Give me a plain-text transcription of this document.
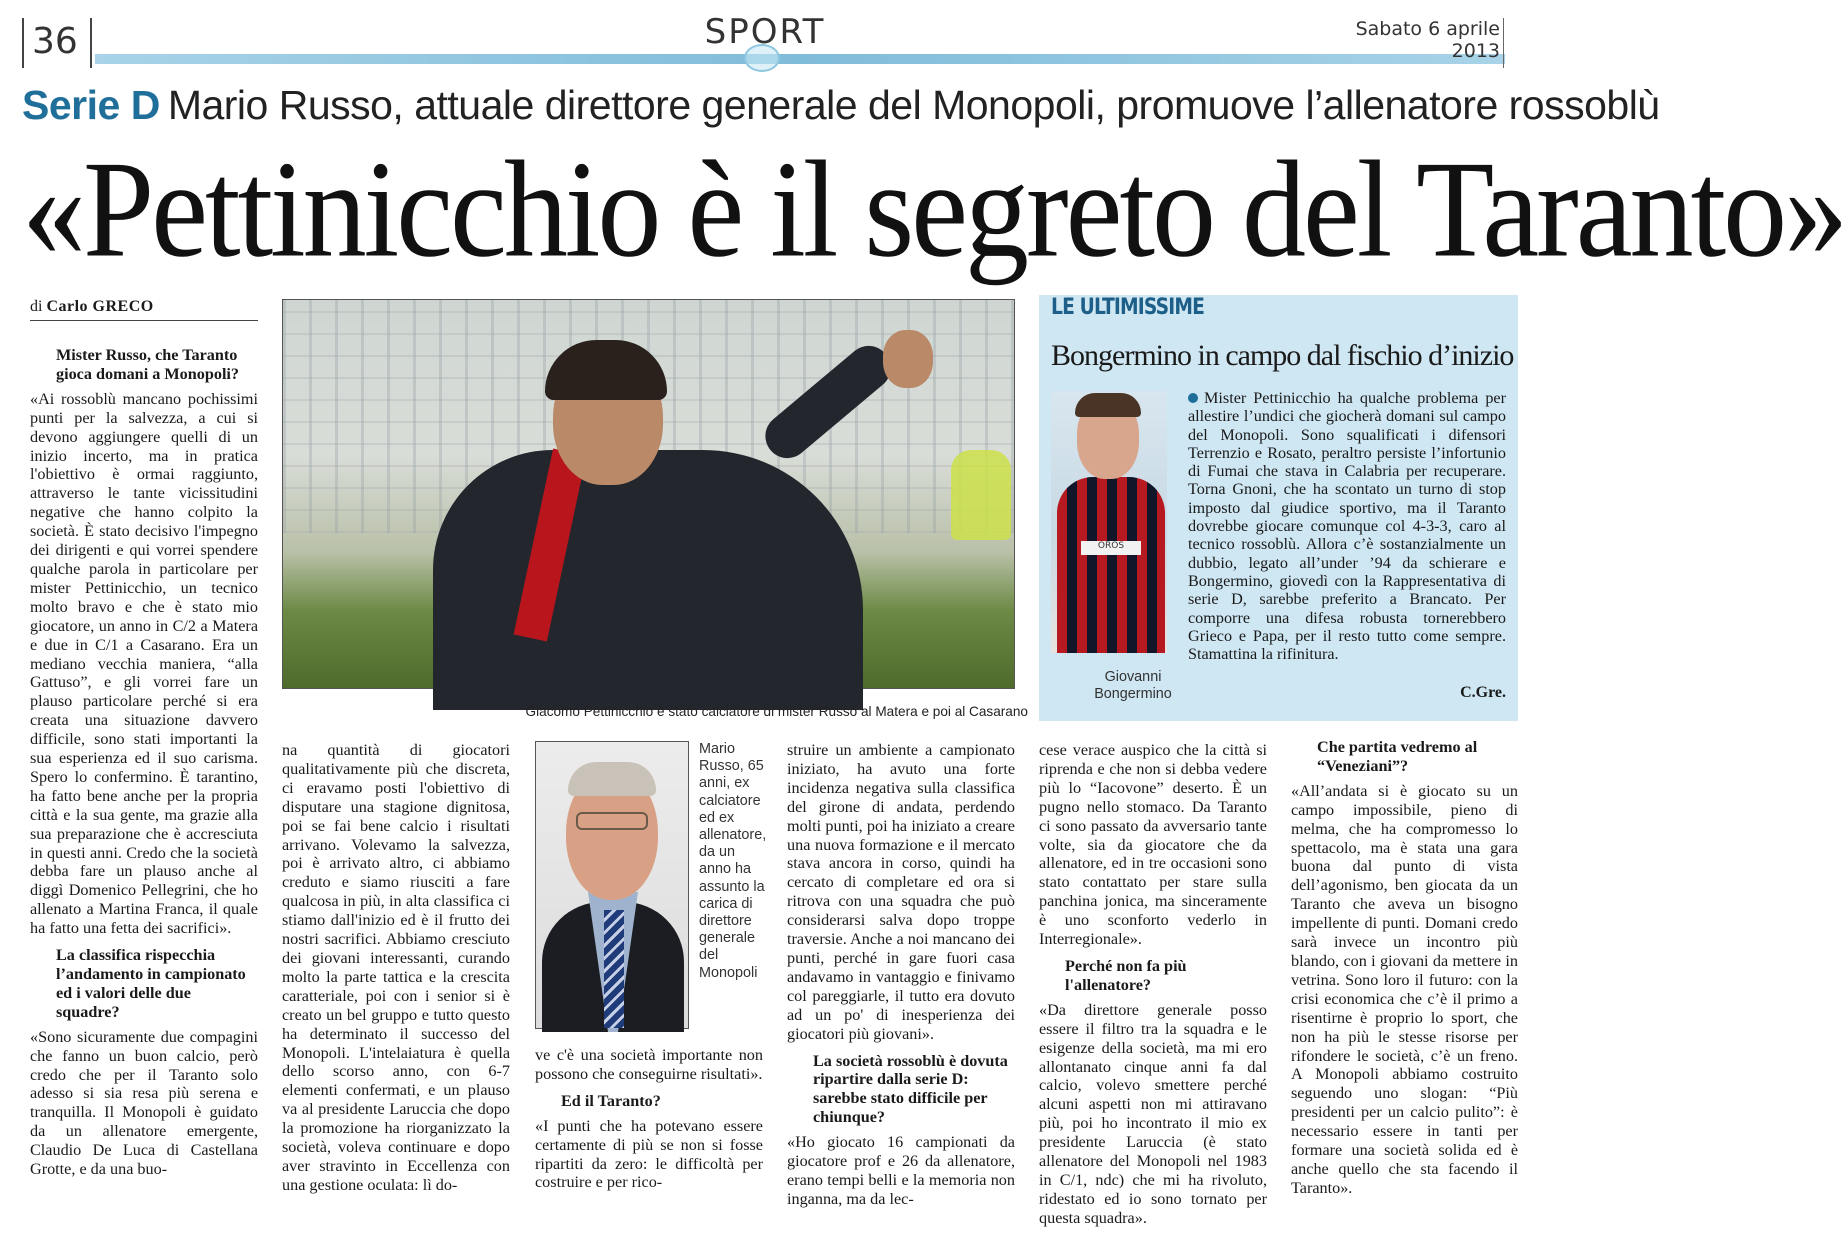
36	SPORT	Sabato 6 aprile
2013
Serie D Mario Russo, attuale direttore generale del Monopoli, promuove l’allenatore rossoblù
«Pettinicchio è il segreto del Taranto»
di Carlo GRECO

Mister Russo, che Taranto gioca domani a Monopoli?

«Ai rossoblù mancano pochissimi punti per la salvezza, a cui si devono aggiungere quelli di un inizio incerto, ma in pratica l'obiettivo è ormai raggiunto, attraverso le tante vicissitudini negative che hanno colpito la società. È stato decisivo l'impegno dei dirigenti e qui vorrei spendere qualche parola in particolare per mister Pettinicchio, un tecnico molto bravo e che è stato mio giocatore, un anno in C/2 a Matera e due in C/1 a Casarano. Era un mediano vecchia maniera, “alla Gattuso”, e gli vorrei fare un plauso particolare perché si era creata una situazione davvero difficile, sono stati importanti la sua esperienza ed il suo carisma. Spero lo confermino. È tarantino, ha fatto bene anche per la propria città e la sua gente, ma grazie alla sua preparazione che è accresciuta in questi anni. Credo che la società debba fare un plauso anche al diggì Domenico Pellegrini, che ho allenato a Martina Franca, il quale ha fatto una fetta dei sacrifici».

La classifica rispecchia l’andamento in campionato ed i valori delle due squadre?

«Sono sicuramente due compagini che fanno un buon calcio, però credo che per il Taranto solo adesso si sia resa più serena e tranquilla. Il Monopoli è guidato da un allenatore emergente, Claudio De Luca di Castellana Grotte, e da una buo-

Giacomo Pettinicchio è stato calciatore di mister Russo al Matera e poi al Casarano

na quantità di giocatori qualitativamente più che discreta, ci eravamo posti l'obiettivo di disputare una stagione dignitosa, poi se fai bene calcio i risultati arrivano. Volevamo la salvezza, poi è arrivato altro, ci abbiamo creduto e siamo riusciti a fare qualcosa in più, in alta classifica ci stiamo dall'inizio ed è il frutto dei nostri sacrifici. Abbiamo cresciuto dei giovani interessanti, curando molto la parte tattica e la crescita caratteriale, poi con i senior si è creato un bel gruppo e tutto questo ha determinato il successo del Monopoli. L'intelaiatura è quella dello scorso anno, con 6-7 elementi confermati, e un plauso va al presidente Laruccia che dopo la promozione ha riorganizzato la società, voleva continuare e dopo aver stravinto in Eccellenza con una gestione oculata: lì do-

Mario Russo, 65 anni, ex calciatore ed ex allenatore, da un anno ha assunto la carica di direttore generale del Monopoli

ve c'è una società importante non possono che conseguirne risultati».

Ed il Taranto?

«I punti che ha potevano essere certamente di più se non si fosse ripartiti da zero: le difficoltà per costruire e per rico-

struire un ambiente a campionato iniziato, ha avuto una forte incidenza negativa sulla classifica del girone di andata, perdendo molti punti, poi ha iniziato a creare una nuova formazione e il mercato stava ancora in corso, quindi ha cercato di completare ed ora si ritrova con una squadra che può considerarsi salva dopo troppe traversie. Anche a noi mancano dei punti, perché in gare fuori casa andavamo in vantaggio e finivamo col pareggiarle, il tutto era dovuto ad un po' di inesperienza dei giocatori più giovani».

La società rossoblù è dovuta ripartire dalla serie D: sarebbe stato difficile per chiunque?

«Ho giocato 16 campionati da giocatore prof e 26 da allenatore, erano tempi belli e la memoria non inganna, ma da lec-

cese verace auspico che la città si riprenda e che non si debba vedere più lo “Iacovone” deserto. È un pugno nello stomaco. Da Taranto ci sono passato da avversario tante volte, sia da giocatore che da allenatore, ed in tre occasioni sono stato contattato per stare sulla panchina jonica, ma sinceramente è uno sconforto vederlo in Interregionale».

Perché non fa più l'allenatore?

«Da direttore generale posso essere il filtro tra la squadra e le esigenze della società, ma mi ero allontanato cinque anni fa dal calcio, volevo smettere perché alcuni aspetti non mi attiravano più, poi ho incontrato il mio ex presidente Laruccia (è stato allenatore del Monopoli nel 1983 in C/1, ndc) che mi ha rivoluto, ridestato ed io sono tornato per questa squadra».

Che partita vedremo al “Veneziani”?

«All’andata si è giocato su un campo impossibile, pieno di melma, che ha compromesso lo spettacolo, ma è stata una gara buona dal punto di vista dell’agonismo, ben giocata da un Taranto che aveva un bisogno impellente di punti. Domani credo sarà invece un incontro più blando, con i giovani da mettere in vetrina. Sono loro il futuro: con la crisi economica che c’è il primo a risentirne è proprio lo sport, che non ha più le stesse risorse per rifondere le società, c’è un freno. A Monopoli abbiamo costruito seguendo uno slogan: “Più presidenti per un calcio pulito”: è necessario essere in tanti per formare una società solida ed è anche quello che sta facendo il Taranto».

LE ULTIMISSIME
Bongermino in campo dal fischio d’inizio
OROS
Giovanni
Bongermino
Mister Pettinicchio ha qualche problema per allestire l’undici che giocherà domani sul campo del Monopoli. Sono squalificati i difensori Terrenzio e Rosato, peraltro persiste l’infortunio di Fumai che stava in Calabria per recuperare. Torna Gnoni, che ha scontato un turno di stop imposto dal giudice sportivo, ma il Taranto dovrebbe giocare comunque col 4-3-3, caro al tecnico rossoblù. Allora c’è sostanzialmente un dubbio, legato all’under ’94 da schierare e Bongermino, giovedì con la Rappresentativa di serie D, sarebbe preferito a Brancato. Per comporre una difesa robusta tornerebbero Grieco e Papa, per il resto tutto come sempre. Stamattina la rifinitura.
C.Gre.
